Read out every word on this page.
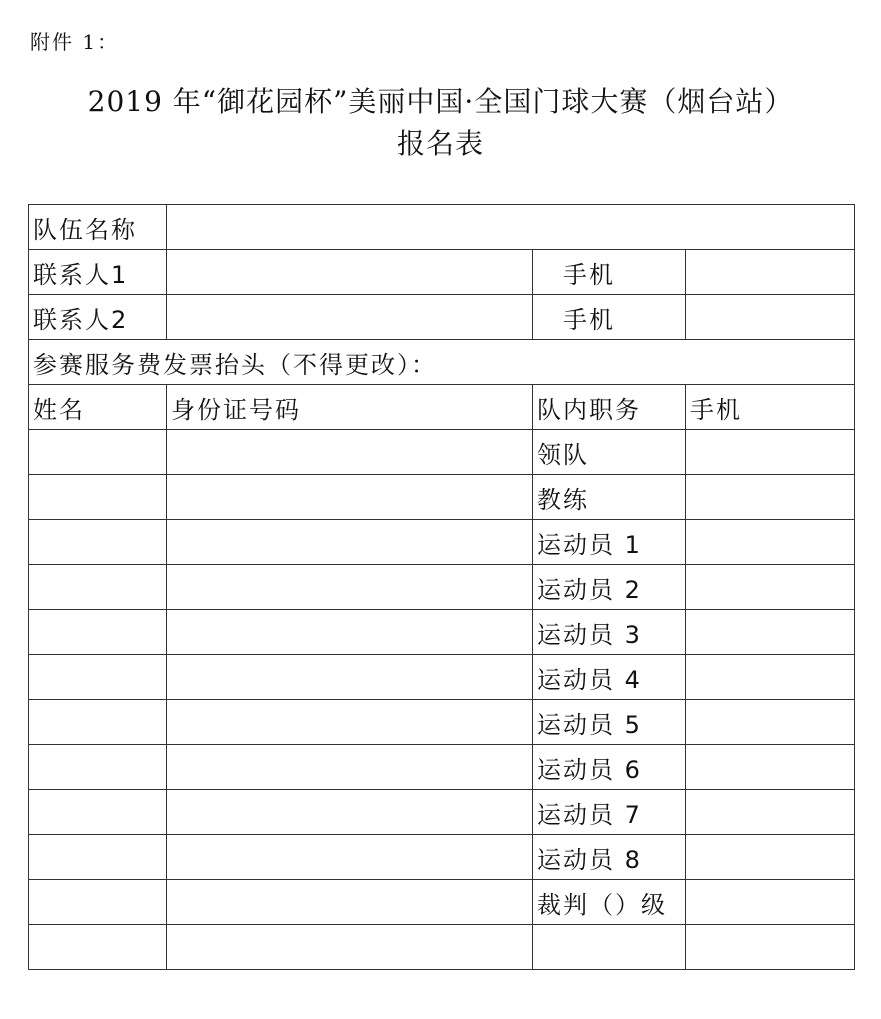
附件 1：
2019 年“御花园杯”美丽中国·全国门球大赛（烟台站）
报名表
队伍名称			
联系人1		手机	
联系人2		手机	
参赛服务费发票抬头（不得更改）：			
姓名	身份证号码	队内职务	手机
		领队	
		教练	
		运动员 1	
		运动员 2	
		运动员 3	
		运动员 4	
		运动员 5	
		运动员 6	
		运动员 7	
		运动员 8	
		裁判（）级	
